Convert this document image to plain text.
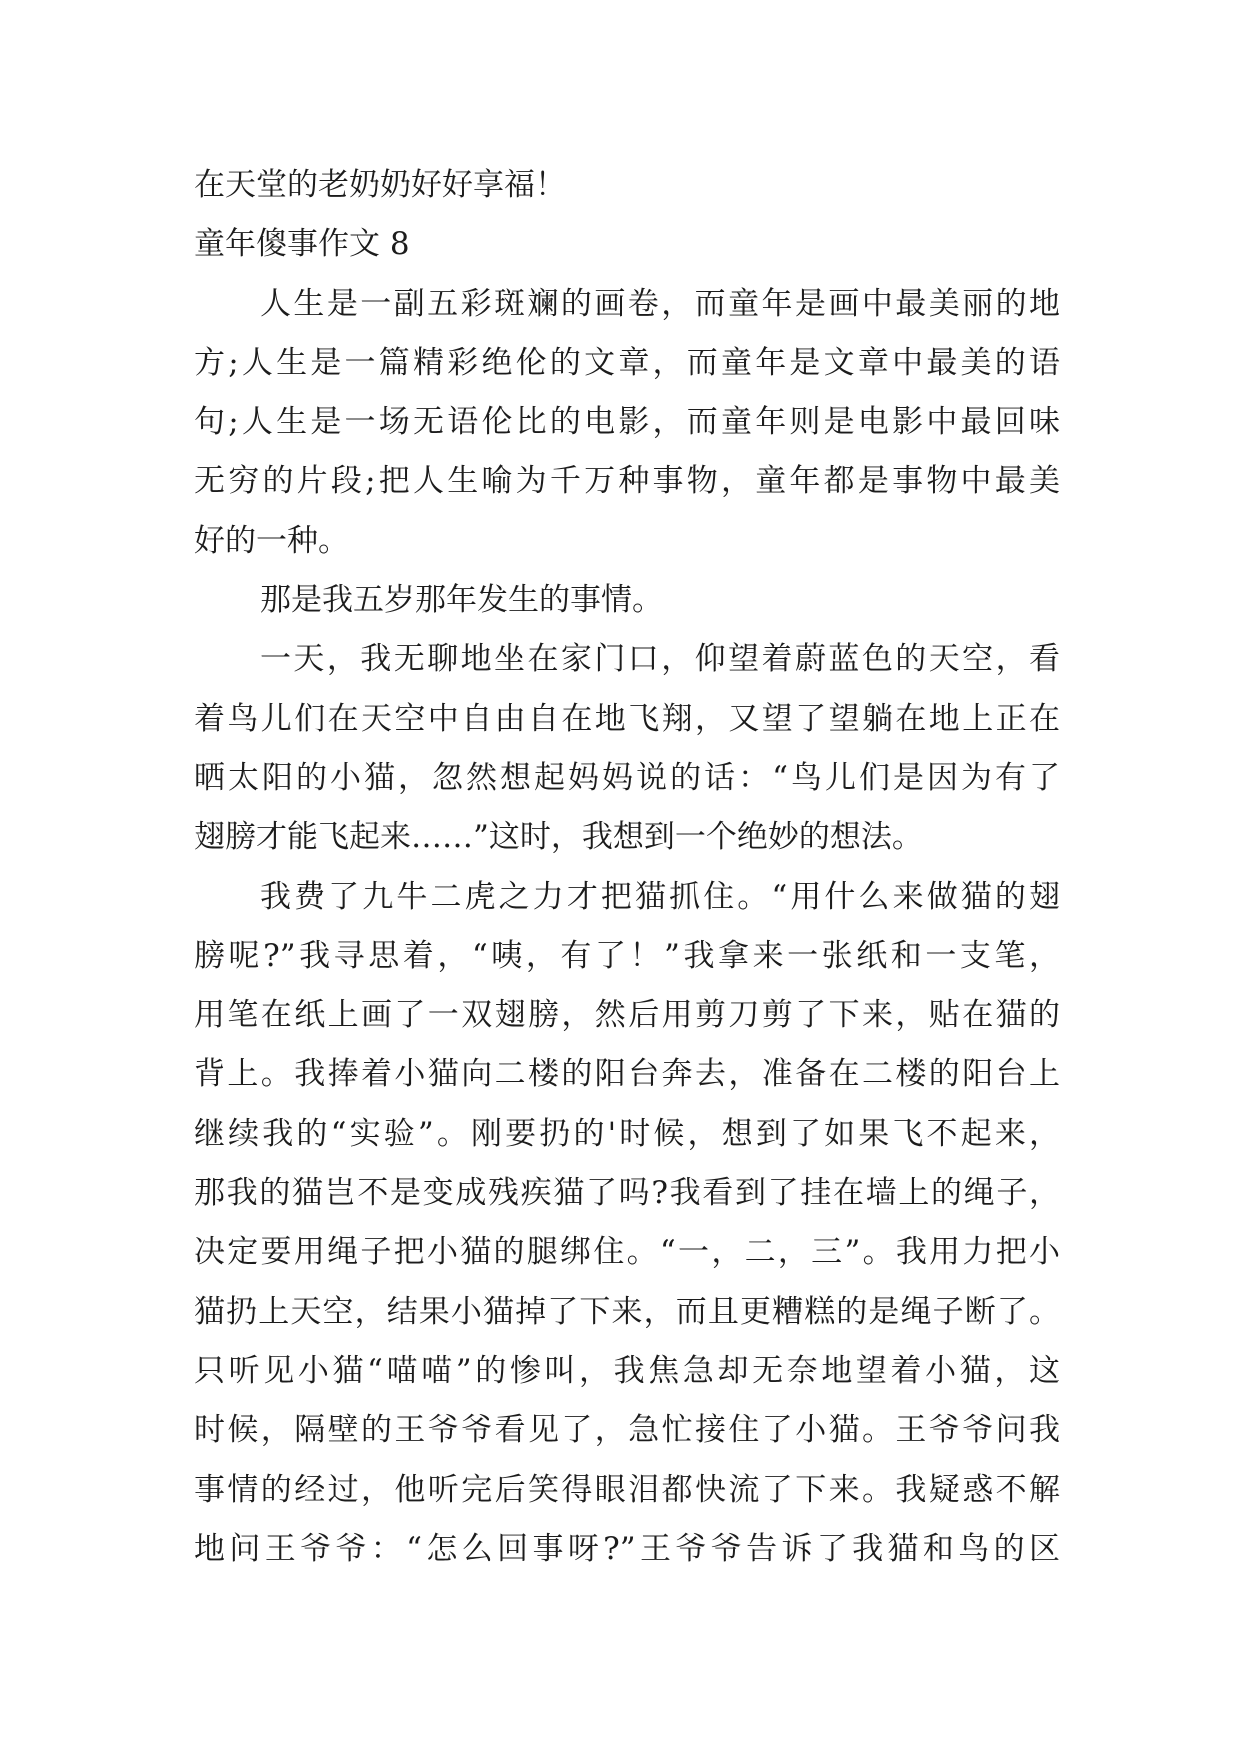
在天堂的老奶奶好好享福！
童年傻事作文 8
人生是一副五彩斑斓的画卷，而童年是画中最美丽的地
方;人生是一篇精彩绝伦的文章，而童年是文章中最美的语
句;人生是一场无语伦比的电影，而童年则是电影中最回味
无穷的片段;把人生喻为千万种事物，童年都是事物中最美
好的一种。
那是我五岁那年发生的事情。
一天，我无聊地坐在家门口，仰望着蔚蓝色的天空，看
着鸟儿们在天空中自由自在地飞翔，又望了望躺在地上正在
晒太阳的小猫，忽然想起妈妈说的话：“鸟儿们是因为有了
翅膀才能飞起来……”这时，我想到一个绝妙的想法。
我费了九牛二虎之力才把猫抓住。“用什么来做猫的翅
膀呢?”我寻思着，“咦，有了！”我拿来一张纸和一支笔，
用笔在纸上画了一双翅膀，然后用剪刀剪了下来，贴在猫的
背上。我捧着小猫向二楼的阳台奔去，准备在二楼的阳台上
继续我的“实验”。刚要扔的'时候，想到了如果飞不起来，
那我的猫岂不是变成残疾猫了吗?我看到了挂在墙上的绳子，
决定要用绳子把小猫的腿绑住。“一，二，三”。我用力把小
猫扔上天空，结果小猫掉了下来，而且更糟糕的是绳子断了。
只听见小猫“喵喵”的惨叫，我焦急却无奈地望着小猫，这
时候，隔壁的王爷爷看见了，急忙接住了小猫。王爷爷问我
事情的经过，他听完后笑得眼泪都快流了下来。我疑惑不解
地问王爷爷：“怎么回事呀?”王爷爷告诉了我猫和鸟的区
